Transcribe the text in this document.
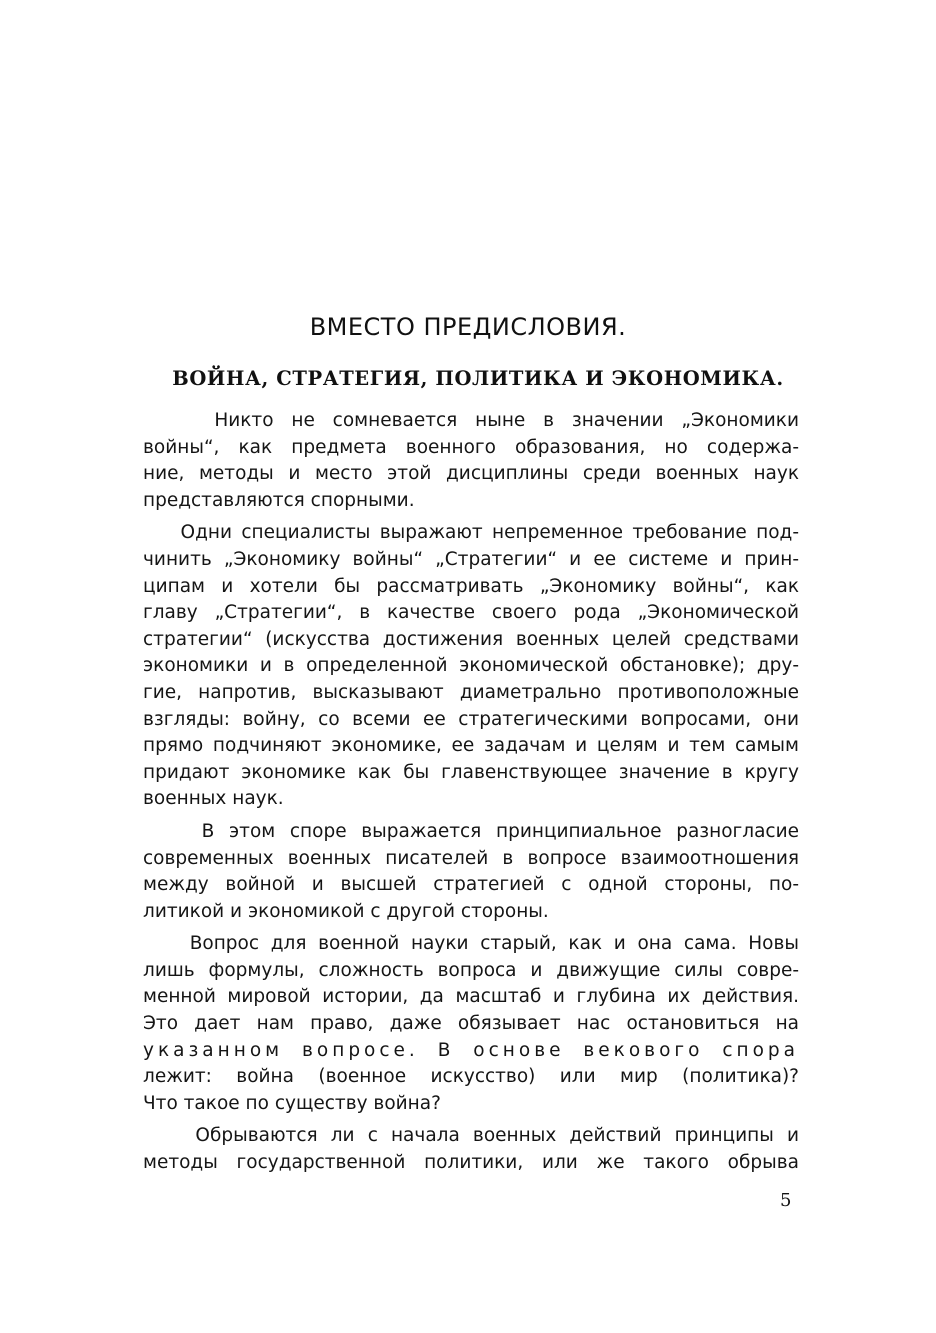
ВМЕСТО ПРЕДИСЛОВИЯ.
ВОЙНА, СТРАТЕГИЯ, ПОЛИТИКА И ЭКОНОМИКА.
Никто не сомневается ныне в значении „Экономики
войны“, как предмета военного образования, но содержа-
ние, методы и место этой дисциплины среди военных наук
представляются спорными.
Одни специалисты выражают непременное требование под-
чинить „Экономику войны“ „Стратегии“ и ее системе и прин-
ципам и хотели бы рассматривать „Экономику войны“, как
главу „Стратегии“, в качестве своего рода „Экономической
стратегии“ (искусства достижения военных целей средствами
экономики и в определенной экономической обстановке); дру-
гие, напротив, высказывают диаметрально противоположные
взгляды: войну, со всеми ее стратегическими вопросами, они
прямо подчиняют экономике, ее задачам и целям и тем самым
придают экономике как бы главенствующее значение в кругу
военных наук.
В этом споре выражается принципиальное разногласие
современных военных писателей в вопросе взаимоотношения
между войной и высшей стратегией с одной стороны, по-
литикой и экономикой с другой стороны.
Вопрос для военной науки старый, как и она сама. Новы
лишь формулы, сложность вопроса и движущие силы совре-
менной мировой истории, да масштаб и глубина их действия.
Это дает нам право, даже обязывает нас остановиться на
указанном вопросе. В основе векового спора
лежит: война (военное искусство) или мир (политика)?
Что такое по существу война?
Обрываются ли с начала военных действий принципы и
методы государственной политики, или же такого обрыва
5
